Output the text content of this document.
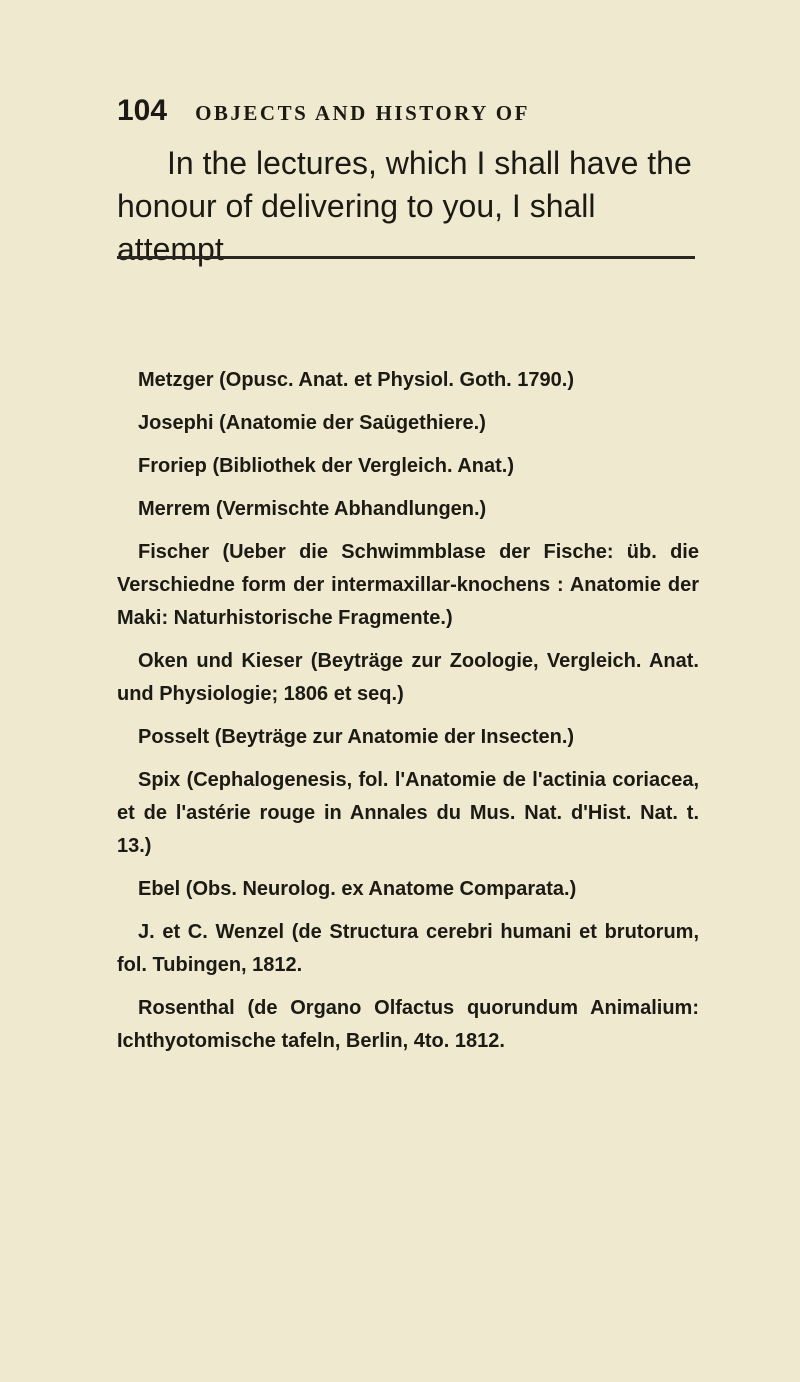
104 OBJECTS AND HISTORY OF
In the lectures, which I shall have the
honour of delivering to you, I shall attempt

Metzger (Opusc. Anat. et Physiol. Goth. 1790.)

Josephi (Anatomie der Saügethiere.)

Froriep (Bibliothek der Vergleich. Anat.)

Merrem (Vermischte Abhandlungen.)

Fischer (Ueber die Schwimmblase der Fische: üb. die Verschiedne form der intermaxillar-knochens : Anatomie der Maki: Naturhistorische Fragmente.)

Oken und Kieser (Beyträge zur Zoologie, Vergleich. Anat. und Physiologie; 1806 et seq.)

Posselt (Beyträge zur Anatomie der Insecten.)

Spix (Cephalogenesis, fol. l'Anatomie de l'actinia coriacea, et de l'astérie rouge in Annales du Mus. Nat. d'Hist. Nat. t. 13.)

Ebel (Obs. Neurolog. ex Anatome Comparata.)

J. et C. Wenzel (de Structura cerebri humani et brutorum, fol. Tubingen, 1812.

Rosenthal (de Organo Olfactus quorundum Animalium: Ichthyotomische tafeln, Berlin, 4to. 1812.
